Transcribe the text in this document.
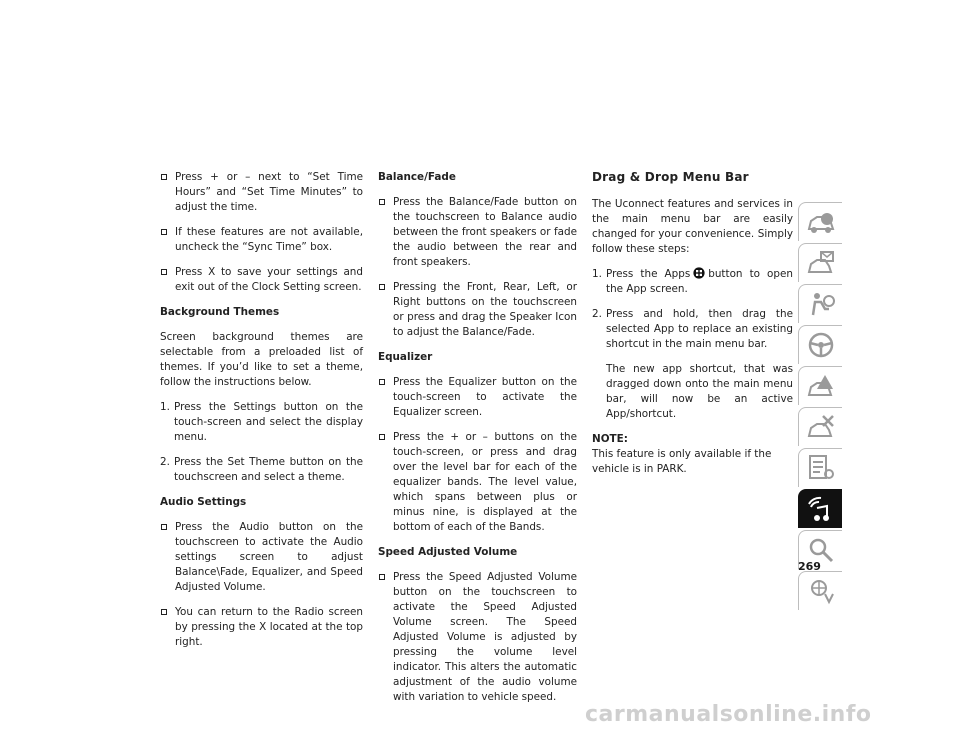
Press + or – next to “Set Time Hours” and “Set Time Minutes” to adjust the time.
If these features are not available, uncheck the “Sync Time” box.
Press X to save your settings and exit out of the Clock Setting screen.
Background Themes
Screen background themes are selectable from a preloaded list of themes. If you’d like to set a theme, follow the instructions below.
1. Press the Settings button on the touch-screen and select the display menu.
2. Press the Set Theme button on the touchscreen and select a theme.
Audio Settings
Press the Audio button on the touchscreen to activate the Audio settings screen to adjust Balance\Fade, Equalizer, and Speed Adjusted Volume.
You can return to the Radio screen by pressing the X located at the top right.
Balance/Fade
Press the Balance/Fade button on the touchscreen to Balance audio between the front speakers or fade the audio between the rear and front speakers.
Pressing the Front, Rear, Left, or Right buttons on the touchscreen or press and drag the Speaker Icon to adjust the Balance/Fade.
Equalizer
Press the Equalizer button on the touch-screen to activate the Equalizer screen.
Press the + or – buttons on the touch-screen, or press and drag over the level bar for each of the equalizer bands. The level value, which spans between plus or minus nine, is displayed at the bottom of each of the Bands.
Speed Adjusted Volume
Press the Speed Adjusted Volume button on the touchscreen to activate the Speed Adjusted Volume screen. The Speed Adjusted Volume is adjusted by pressing the volume level indicator. This alters the automatic adjustment of the audio volume with variation to vehicle speed.
Drag & Drop Menu Bar
The Uconnect features and services in the main menu bar are easily changed for your convenience. Simply follow these steps:
1. Press the Apps button to open the App screen.
2. Press and hold, then drag the selected App to replace an existing shortcut in the main menu bar.
The new app shortcut, that was dragged down onto the main menu bar, will now be an active App/shortcut.
NOTE:
This feature is only available if the vehicle is in PARK.
269
carmanualsonline.info
